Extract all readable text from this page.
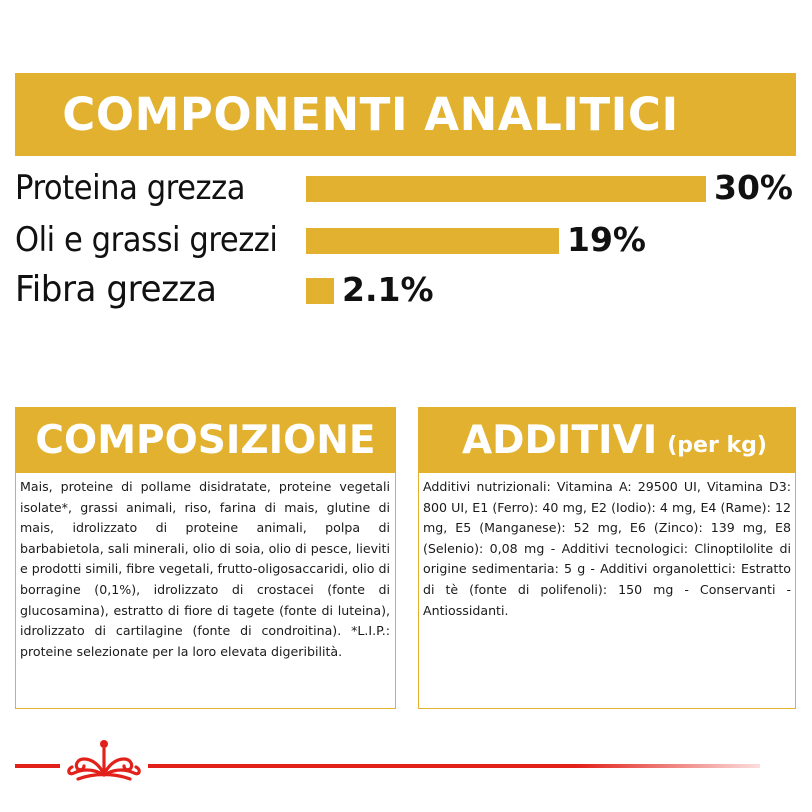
COMPONENTI ANALITICI
Proteina grezza	30%
Oli e grassi grezzi	19%
Fibra grezza	2.1%
COMPOSIZIONE
Mais, proteine di pollame disidratate, proteine vegetali isolate*, grassi animali, riso, farina di mais, glutine di mais, idrolizzato di proteine animali, polpa di barbabietola, sali minerali, olio di soia, olio di pesce, lieviti e prodotti simili, fibre vegetali, frutto-oligosaccaridi, olio di borragine (0,1%), idrolizzato di crostacei (fonte di glucosamina), estratto di fiore di tagete (fonte di luteina), idrolizzato di cartilagine (fonte di condroitina). *L.I.P.: proteine selezionate per la loro elevata digeribilità.
ADDITIVI (per kg)
Additivi nutrizionali: Vitamina A: 29500 UI, Vitamina D3: 800 UI, E1 (Ferro): 40 mg, E2 (Iodio): 4 mg, E4 (Rame): 12 mg, E5 (Manganese): 52 mg, E6 (Zinco): 139 mg, E8 (Selenio): 0,08 mg - Additivi tecnologici: Clinoptilolite di origine sedimentaria: 5 g - Additivi organolettici: Estratto di tè (fonte di polifenoli): 150 mg - Conservanti - Antiossidanti.
